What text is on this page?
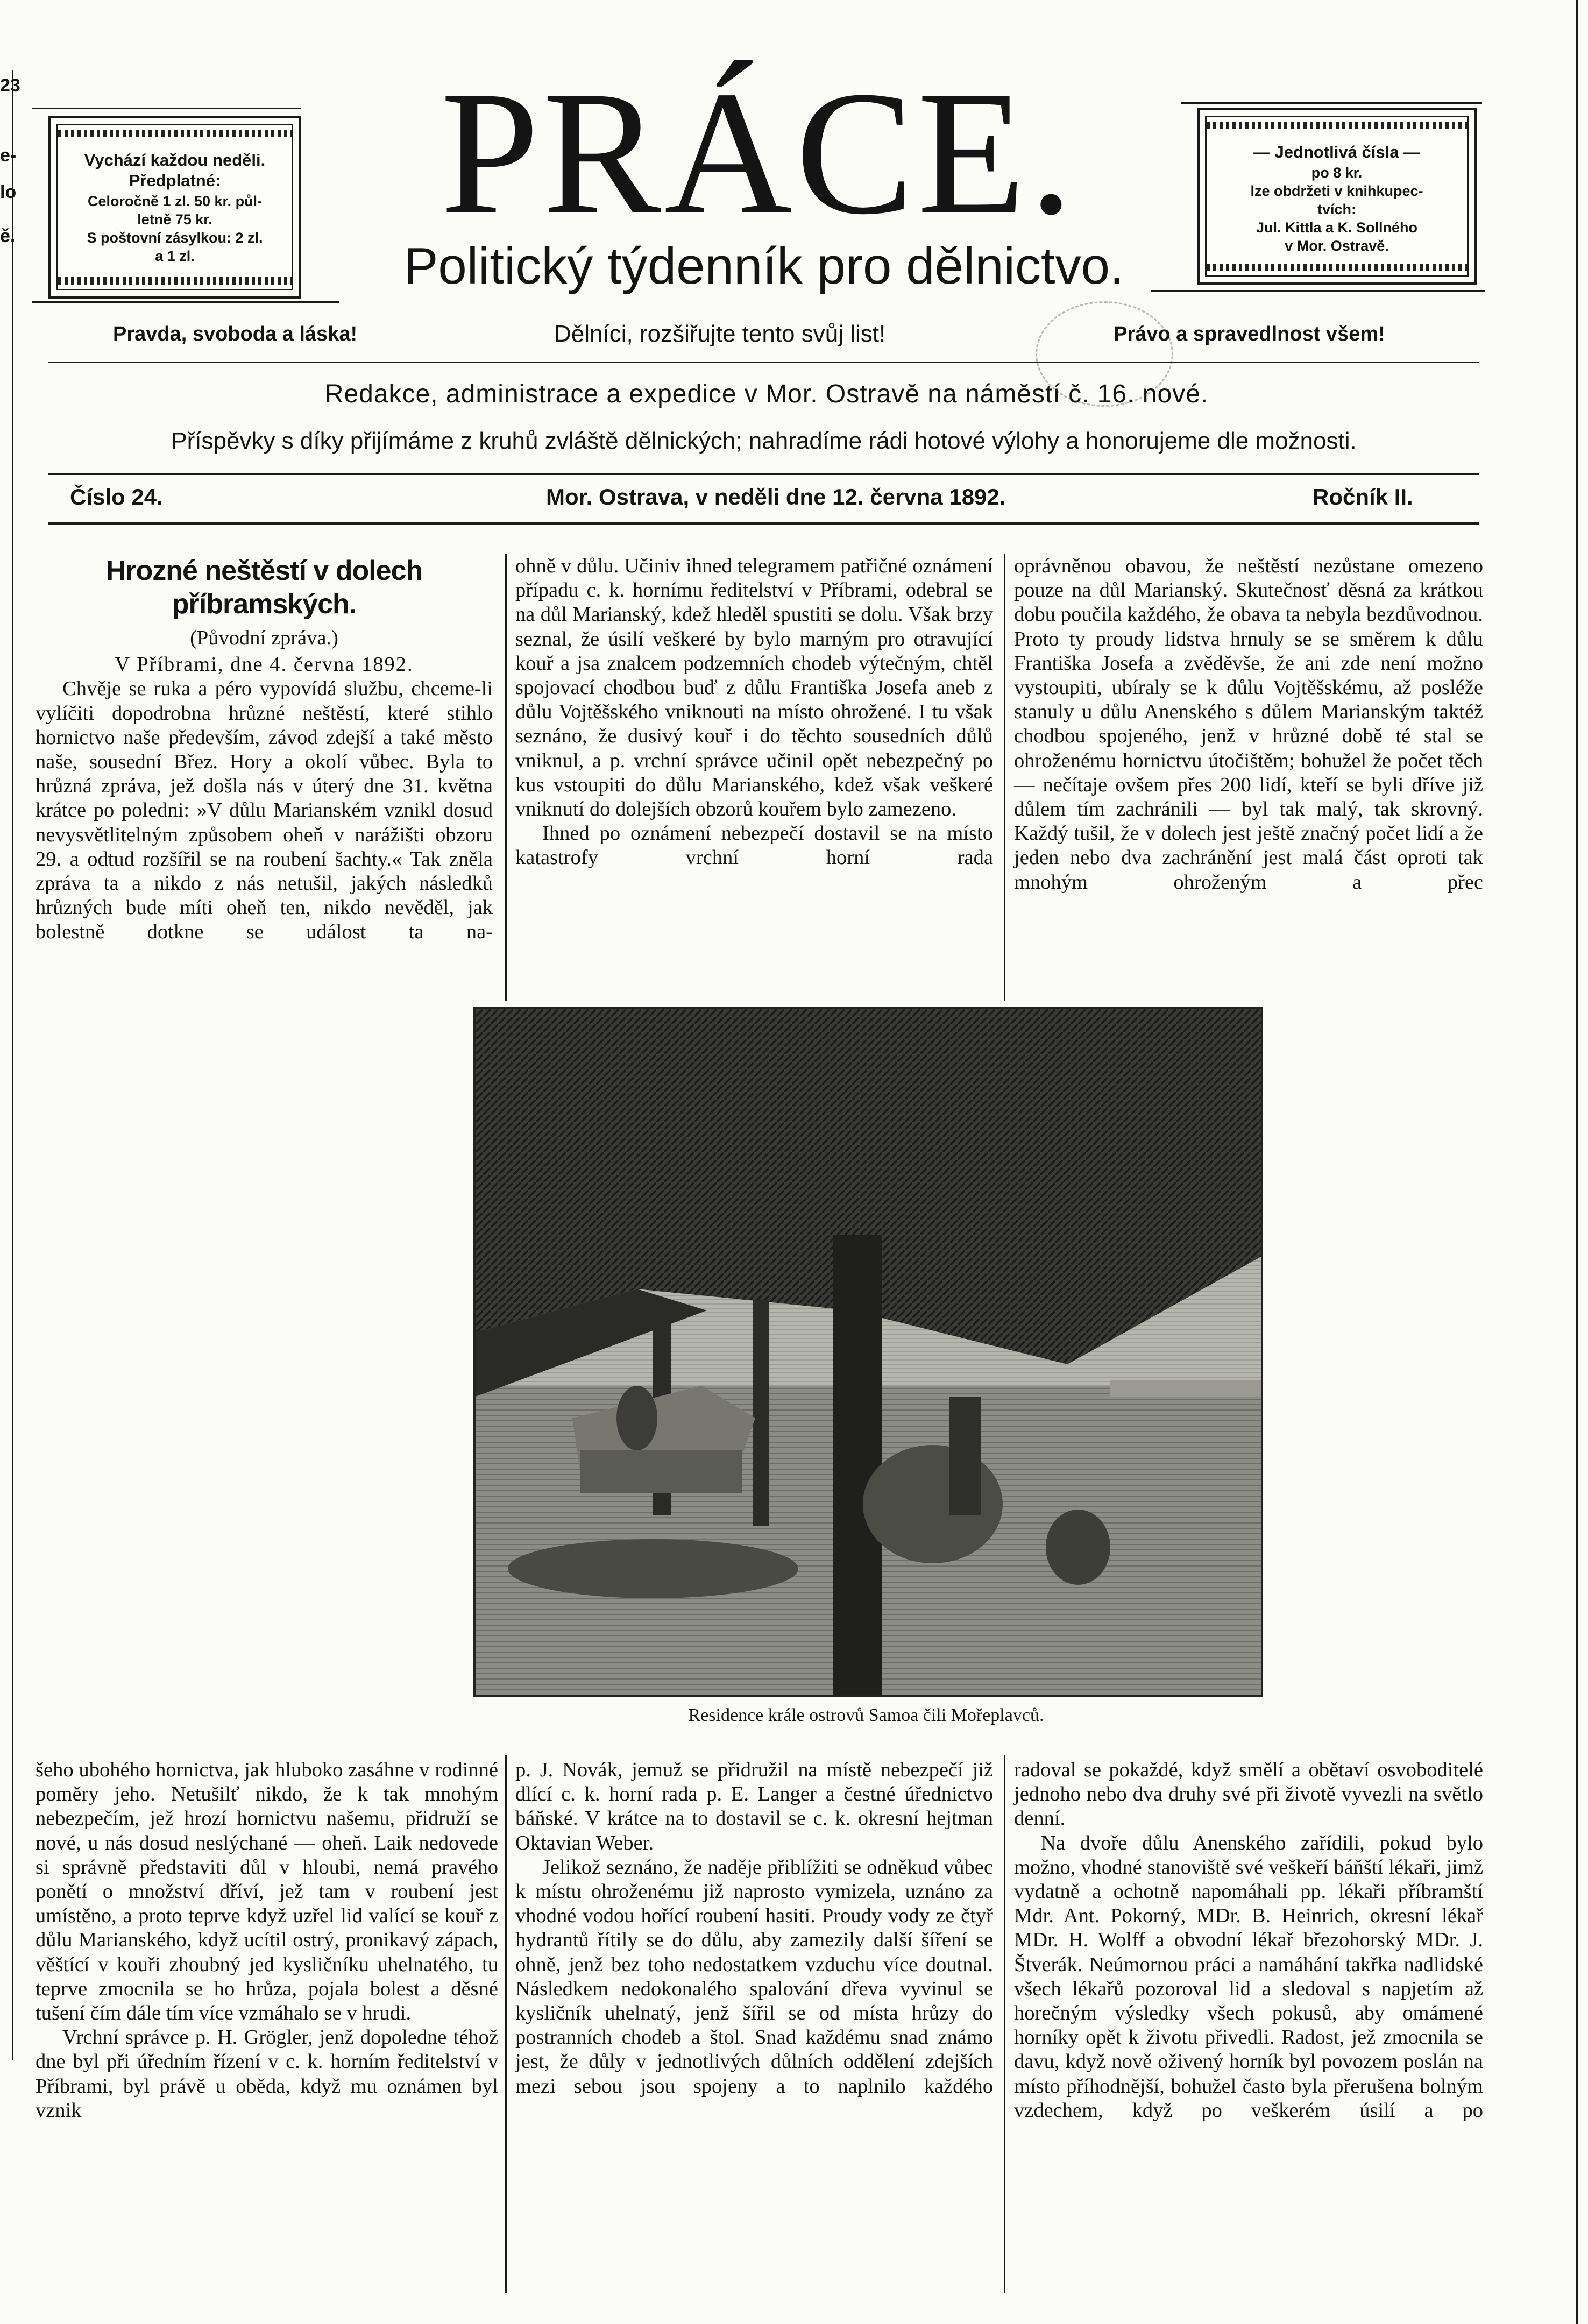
23
e-
lo
ě.
Vychází každou neděli.
Předplatné:
Celoročně 1 zl. 50 kr. půl-
letně 75 kr.
S poštovní zásylkou: 2 zl.
a 1 zl.
— Jednotlivá čísla —
po 8 kr.
lze obdržeti v knihkupec-
tvích:
Jul. Kittla a K. Sollného
v Mor. Ostravě.
PRÁCE.
Politický týdenník pro dělnictvo.
Pravda, svoboda a láska!	Dělníci, rozšiřujte tento svůj list!	Právo a spravedlnost všem!
Redakce, administrace a expedice v Mor. Ostravě na náměstí č. 16. nové.
Příspěvky s díky přijímáme z kruhů zvláště dělnických; nahradíme rádi hotové výlohy a honorujeme dle možnosti.
Číslo 24.	Mor. Ostrava, v neděli dne 12. června 1892.	Ročník II.
Hrozné neštěstí v dolech příbramských.
(Původní zpráva.)
V Příbrami, dne 4. června 1892.

Chvěje se ruka a péro vypovídá službu, chceme-li vylíčiti dopodrobna hrůzné neštěstí, které stihlo hornictvo naše především, závod zdejší a také město naše, sousední Břez. Hory a okolí vůbec. Byla to hrůzná zpráva, jež došla nás v úterý dne 31. května krátce po poledni: »V důlu Marianském vznikl dosud nevysvětlitelným způsobem oheň v narážišti obzoru 29. a odtud rozšířil se na roubení šachty.« Tak zněla zpráva ta a nikdo z nás netušil, jakých následků hrůzných bude míti oheň ten, nikdo nevěděl, jak bolestně dotkne se událost ta na-

ohně v důlu. Učiniv ihned telegramem patřičné oznámení případu c. k. hornímu ředitelství v Příbrami, odebral se na důl Marianský, kdež hleděl spustiti se dolu. Však brzy seznal, že úsilí veškeré by bylo marným pro otravující kouř a jsa znalcem podzemních chodeb výtečným, chtěl spojovací chodbou buď z důlu Františka Josefa aneb z důlu Vojtěšského vniknouti na místo ohrožené. I tu však seznáno, že dusivý kouř i do těchto sousedních důlů vniknul, a p. vrchní správce učinil opět nebezpečný po kus vstoupiti do důlu Marianského, kdež však veškeré vniknutí do dolejších obzorů kouřem bylo zamezeno.

Ihned po oznámení nebezpečí dostavil se na místo katastrofy vrchní horní rada

oprávněnou obavou, že neštěstí nezůstane omezeno pouze na důl Marianský. Skutečnosť děsná za krátkou dobu poučila každého, že obava ta nebyla bezdůvodnou. Proto ty proudy lidstva hrnuly se se směrem k důlu Františka Josefa a zvěděvše, že ani zde není možno vystoupiti, ubíraly se k důlu Vojtěšskému, až posléže stanuly u důlu Anenského s důlem Marianským taktéž chodbou spojeného, jenž v hrůzné době té stal se ohroženému hornictvu útočištěm; bohužel že počet těch — nečítaje ovšem přes 200 lidí, kteří se byli dříve již důlem tím zachránili — byl tak malý, tak skrovný. Každý tušil, že v dolech jest ještě značný počet lidí a že jeden nebo dva zachránění jest malá část oproti tak mnohým ohroženým a přec

Residence krále ostrovů Samoa čili Mořeplavců.

šeho ubohého hornictva, jak hluboko zasáhne v rodinné poměry jeho. Netušilť nikdo, že k tak mnohým nebezpečím, jež hrozí hornictvu našemu, přidruží se nové, u nás dosud neslýchané — oheň. Laik nedovede si správně představiti důl v hloubi, nemá pravého ponětí o množství dříví, jež tam v roubení jest umístěno, a proto teprve když uzřel lid valící se kouř z důlu Marianského, když ucítil ostrý, pronikavý zápach, věštící v kouři zhoubný jed kysličníku uhelnatého, tu teprve zmocnila se ho hrůza, pojala bolest a děsné tušení čím dále tím více vzmáhalo se v hrudi.

Vrchní správce p. H. Grögler, jenž dopoledne téhož dne byl při úředním řízení v c. k. horním ředitelství v Příbrami, byl právě u oběda, když mu oznámen byl vznik

p. J. Novák, jemuž se přidružil na místě nebezpečí již dlící c. k. horní rada p. E. Langer a čestné úřednictvo báňské. V krátce na to dostavil se c. k. okresní hejtman Oktavian Weber.

Jelikož seznáno, že naděje přiblížiti se odněkud vůbec k místu ohroženému již naprosto vymizela, uznáno za vhodné vodou hořící roubení hasiti. Proudy vody ze čtyř hydrantů řítily se do důlu, aby zamezily další šíření se ohně, jenž bez toho nedostatkem vzduchu více doutnal. Následkem nedokonalého spalování dřeva vyvinul se kysličník uhelnatý, jenž šířil se od místa hrůzy do postranních chodeb a štol. Snad každému snad známo jest, že důly v jednotlivých důlních oddělení zdejších mezi sebou jsou spojeny a to naplnilo každého

radoval se pokaždé, když smělí a obětaví osvoboditelé jednoho nebo dva druhy své při životě vyvezli na světlo denní.

Na dvoře důlu Anenského zařídili, pokud bylo možno, vhodné stanoviště své veškeří báňští lékaři, jimž vydatně a ochotně napomáhali pp. lékaři příbramští Mdr. Ant. Pokorný, MDr. B. Heinrich, okresní lékař MDr. H. Wolff a obvodní lékař březohorský MDr. J. Štverák. Neúmornou práci a namáhání takřka nadlidské všech lékařů pozoroval lid a sledoval s napjetím až horečným výsledky všech pokusů, aby omámené horníky opět k životu přivedli. Radost, jež zmocnila se davu, když nově oživený horník byl povozem poslán na místo příhodnější, bohužel často byla přerušena bolným vzdechem, když po veškerém úsilí a po
